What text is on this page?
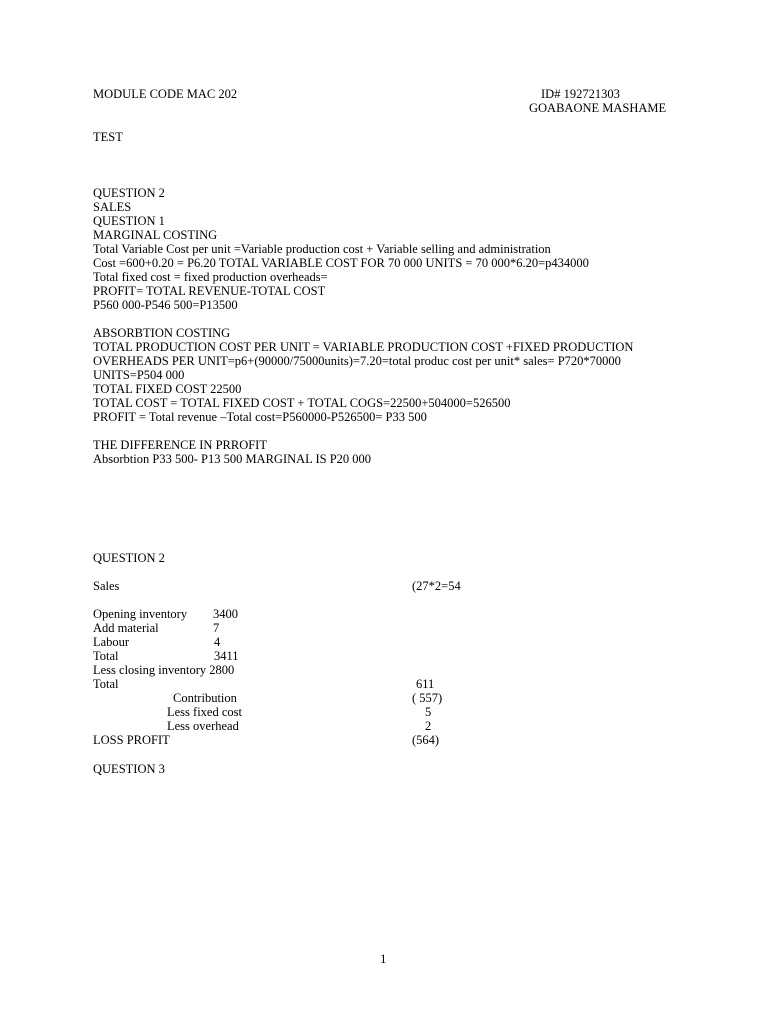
MODULE CODE MAC 202	ID# 192721303
GOABAONE MASHAME
TEST
QUESTION 2
SALES
QUESTION 1
MARGINAL COSTING
Total Variable Cost per unit =Variable production cost + Variable selling and administration
Cost =600+0.20 = P6.20 TOTAL VARIABLE COST FOR 70 000 UNITS = 70 000*6.20=p434000
Total fixed cost = fixed production overheads=
PROFIT= TOTAL REVENUE-TOTAL COST
P560 000-P546 500=P13500
ABSORBTION COSTING
TOTAL PRODUCTION COST PER UNIT = VARIABLE PRODUCTION COST +FIXED PRODUCTION
OVERHEADS PER UNIT=p6+(90000/75000units)=7.20=total produc cost per unit* sales= P720*70000
UNITS=P504 000
TOTAL FIXED COST 22500
TOTAL COST = TOTAL FIXED COST + TOTAL COGS=22500+504000=526500
PROFIT = Total revenue –Total cost=P560000-P526500= P33 500
THE DIFFERENCE IN PRROFIT
Absorbtion P33 500- P13 500 MARGINAL IS P20 000
QUESTION 2
Sales	(27*2=54
Opening inventory 3400
Add material	7
Labour	4
Total	3411
Less closing inventory 2800
Total	611
Contribution	( 557)
Less fixed cost	5
Less overhead	2
LOSS PROFIT	(564)
QUESTION 3
1
